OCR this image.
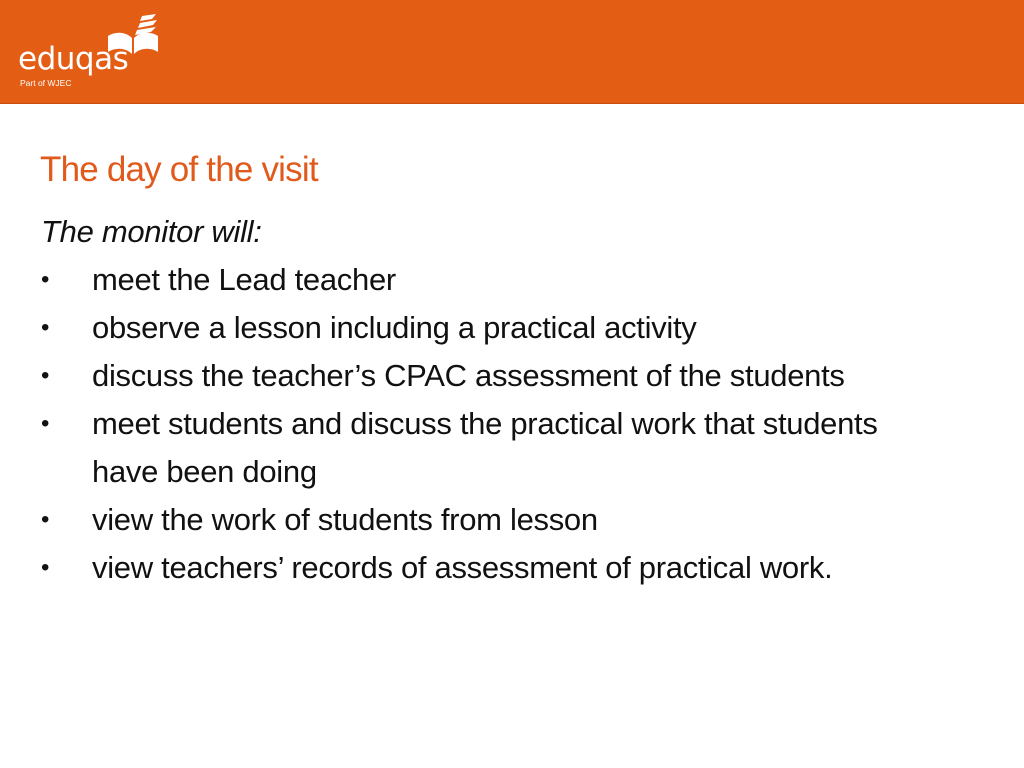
eduqas
Part of WJEC
The day of the visit

The monitor will:

• meet the Lead teacher
• observe a lesson including a practical activity
• discuss the teacher’s CPAC assessment of the students
• meet students and discuss the practical work that students have been doing
• view the work of students from lesson
• view teachers’ records of assessment of practical work.
